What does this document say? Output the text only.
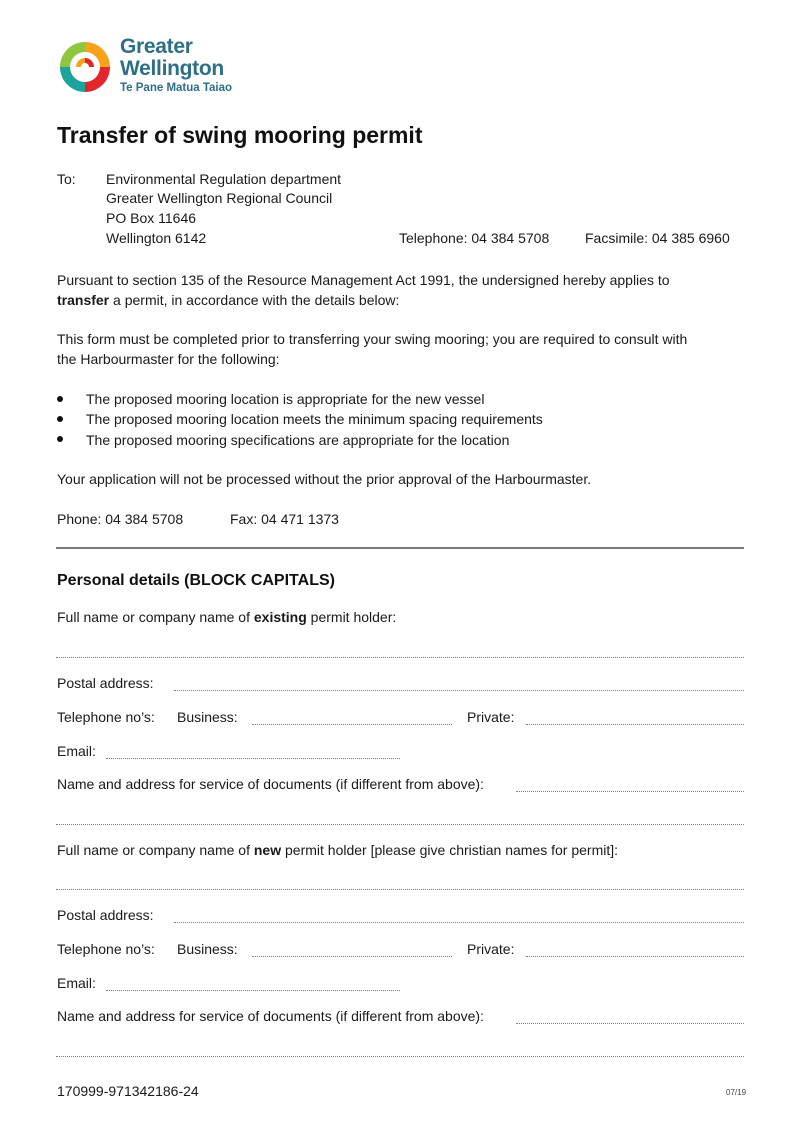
Greater
Wellington
Te Pane Matua Taiao
Transfer of swing mooring permit
To: Environmental Regulation department
Greater Wellington Regional Council
PO Box 11646
Wellington 6142	Telephone: 04 384 5708	Facsimile: 04 385 6960
Pursuant to section 135 of the Resource Management Act 1991, the undersigned hereby applies to
transfer a permit, in accordance with the details below:
This form must be completed prior to transferring your swing mooring; you are required to consult with
the Harbourmaster for the following:
The proposed mooring location is appropriate for the new vessel
The proposed mooring location meets the minimum spacing requirements
The proposed mooring specifications are appropriate for the location
Your application will not be processed without the prior approval of the Harbourmaster.
Phone: 04 384 5708	Fax: 04 471 1373
Personal details (BLOCK CAPITALS)
Full name or company name of existing permit holder:
Postal address:
Telephone no’s: Business:	Private:
Email:
Name and address for service of documents (if different from above):
Full name or company name of new permit holder [please give christian names for permit]:
Postal address:
Telephone no’s: Business:	Private:
Email:
Name and address for service of documents (if different from above):
170999-971342186-24	07/19
